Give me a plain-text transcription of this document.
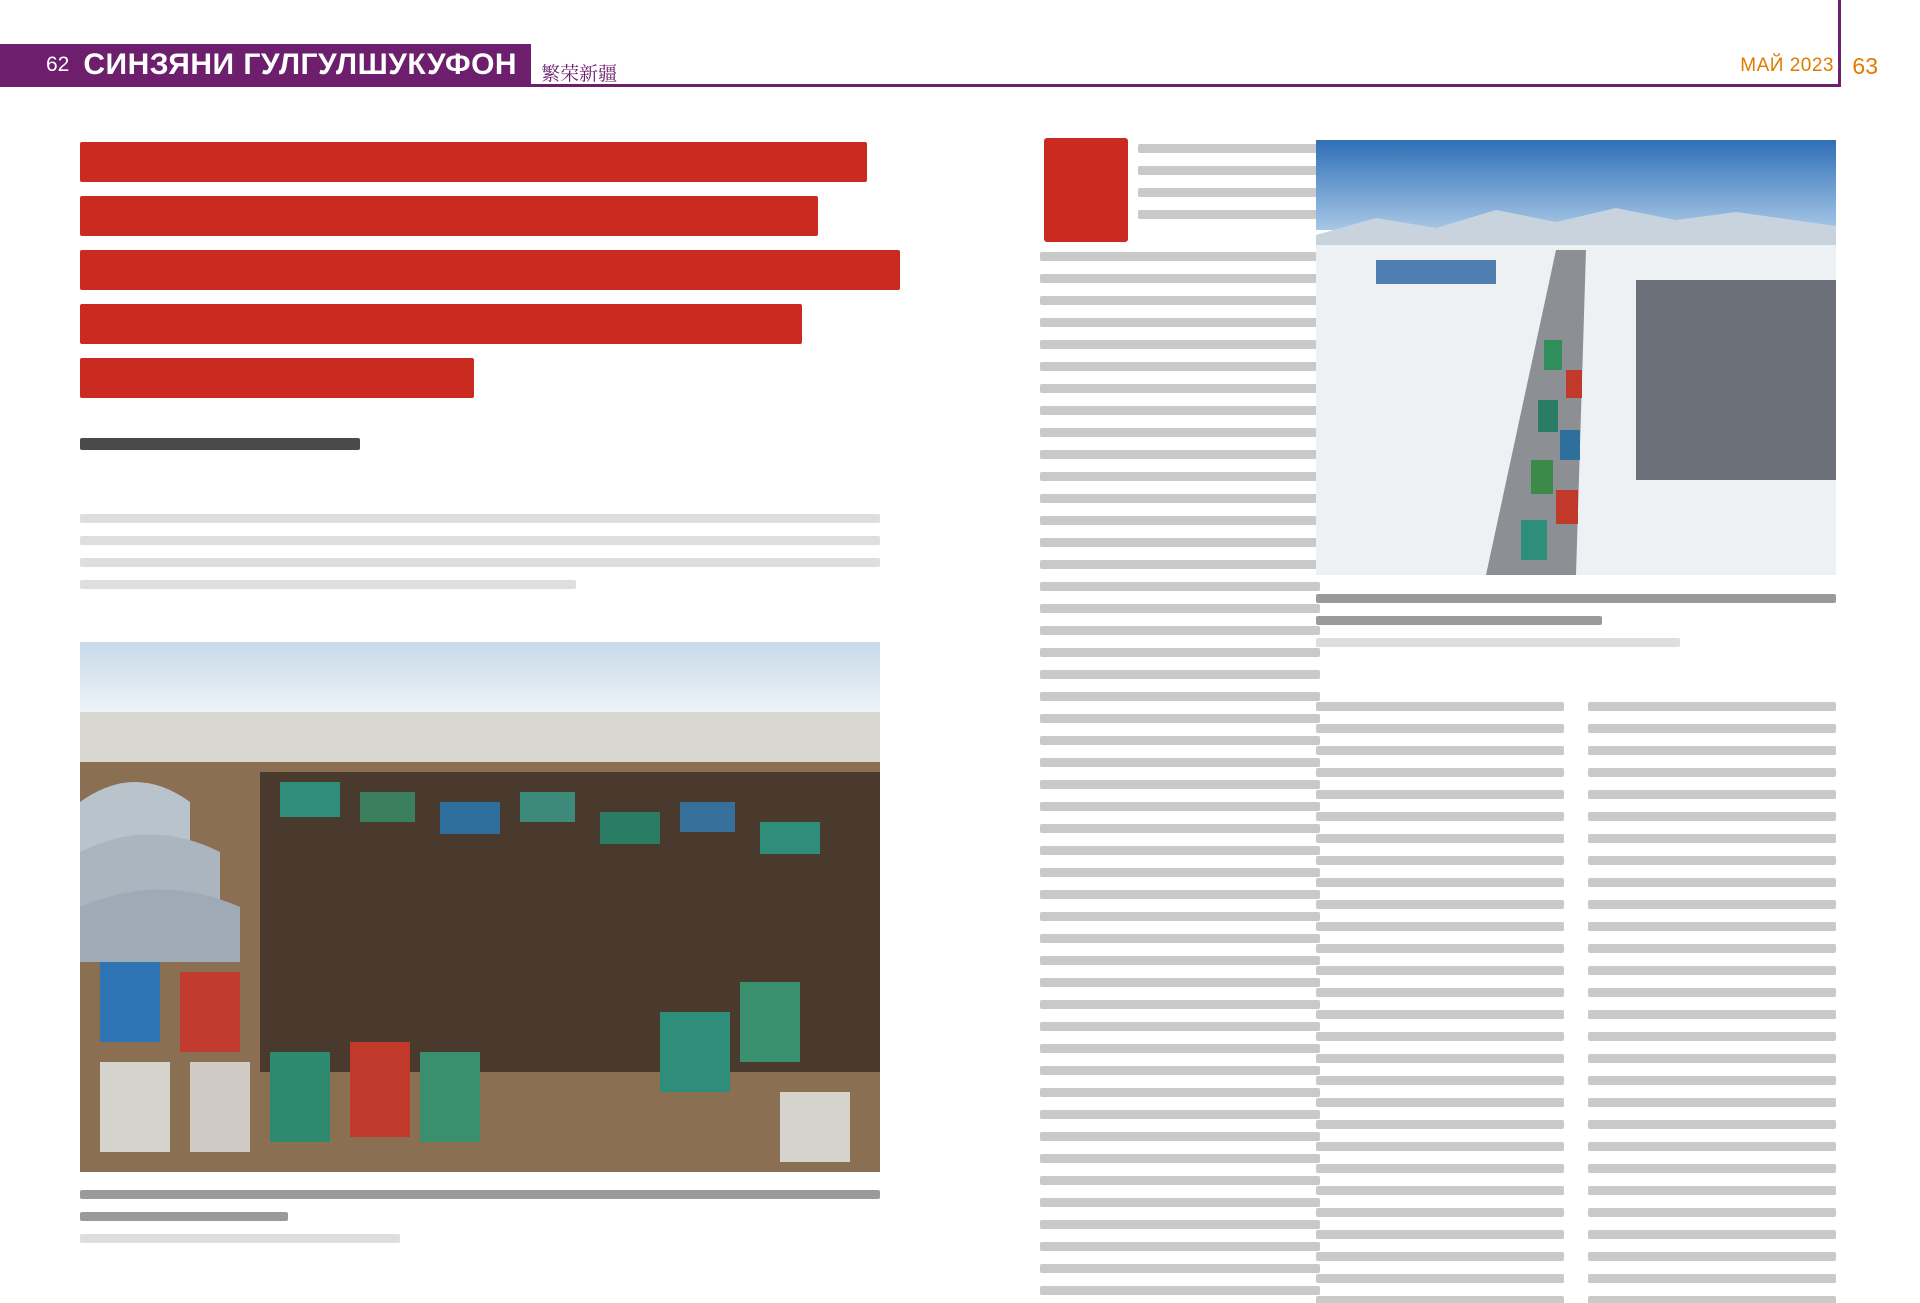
62 СИНЗЯНИ ГУЛГУЛШУКУФОН	繁荣新疆	МАЙ 2023 63
